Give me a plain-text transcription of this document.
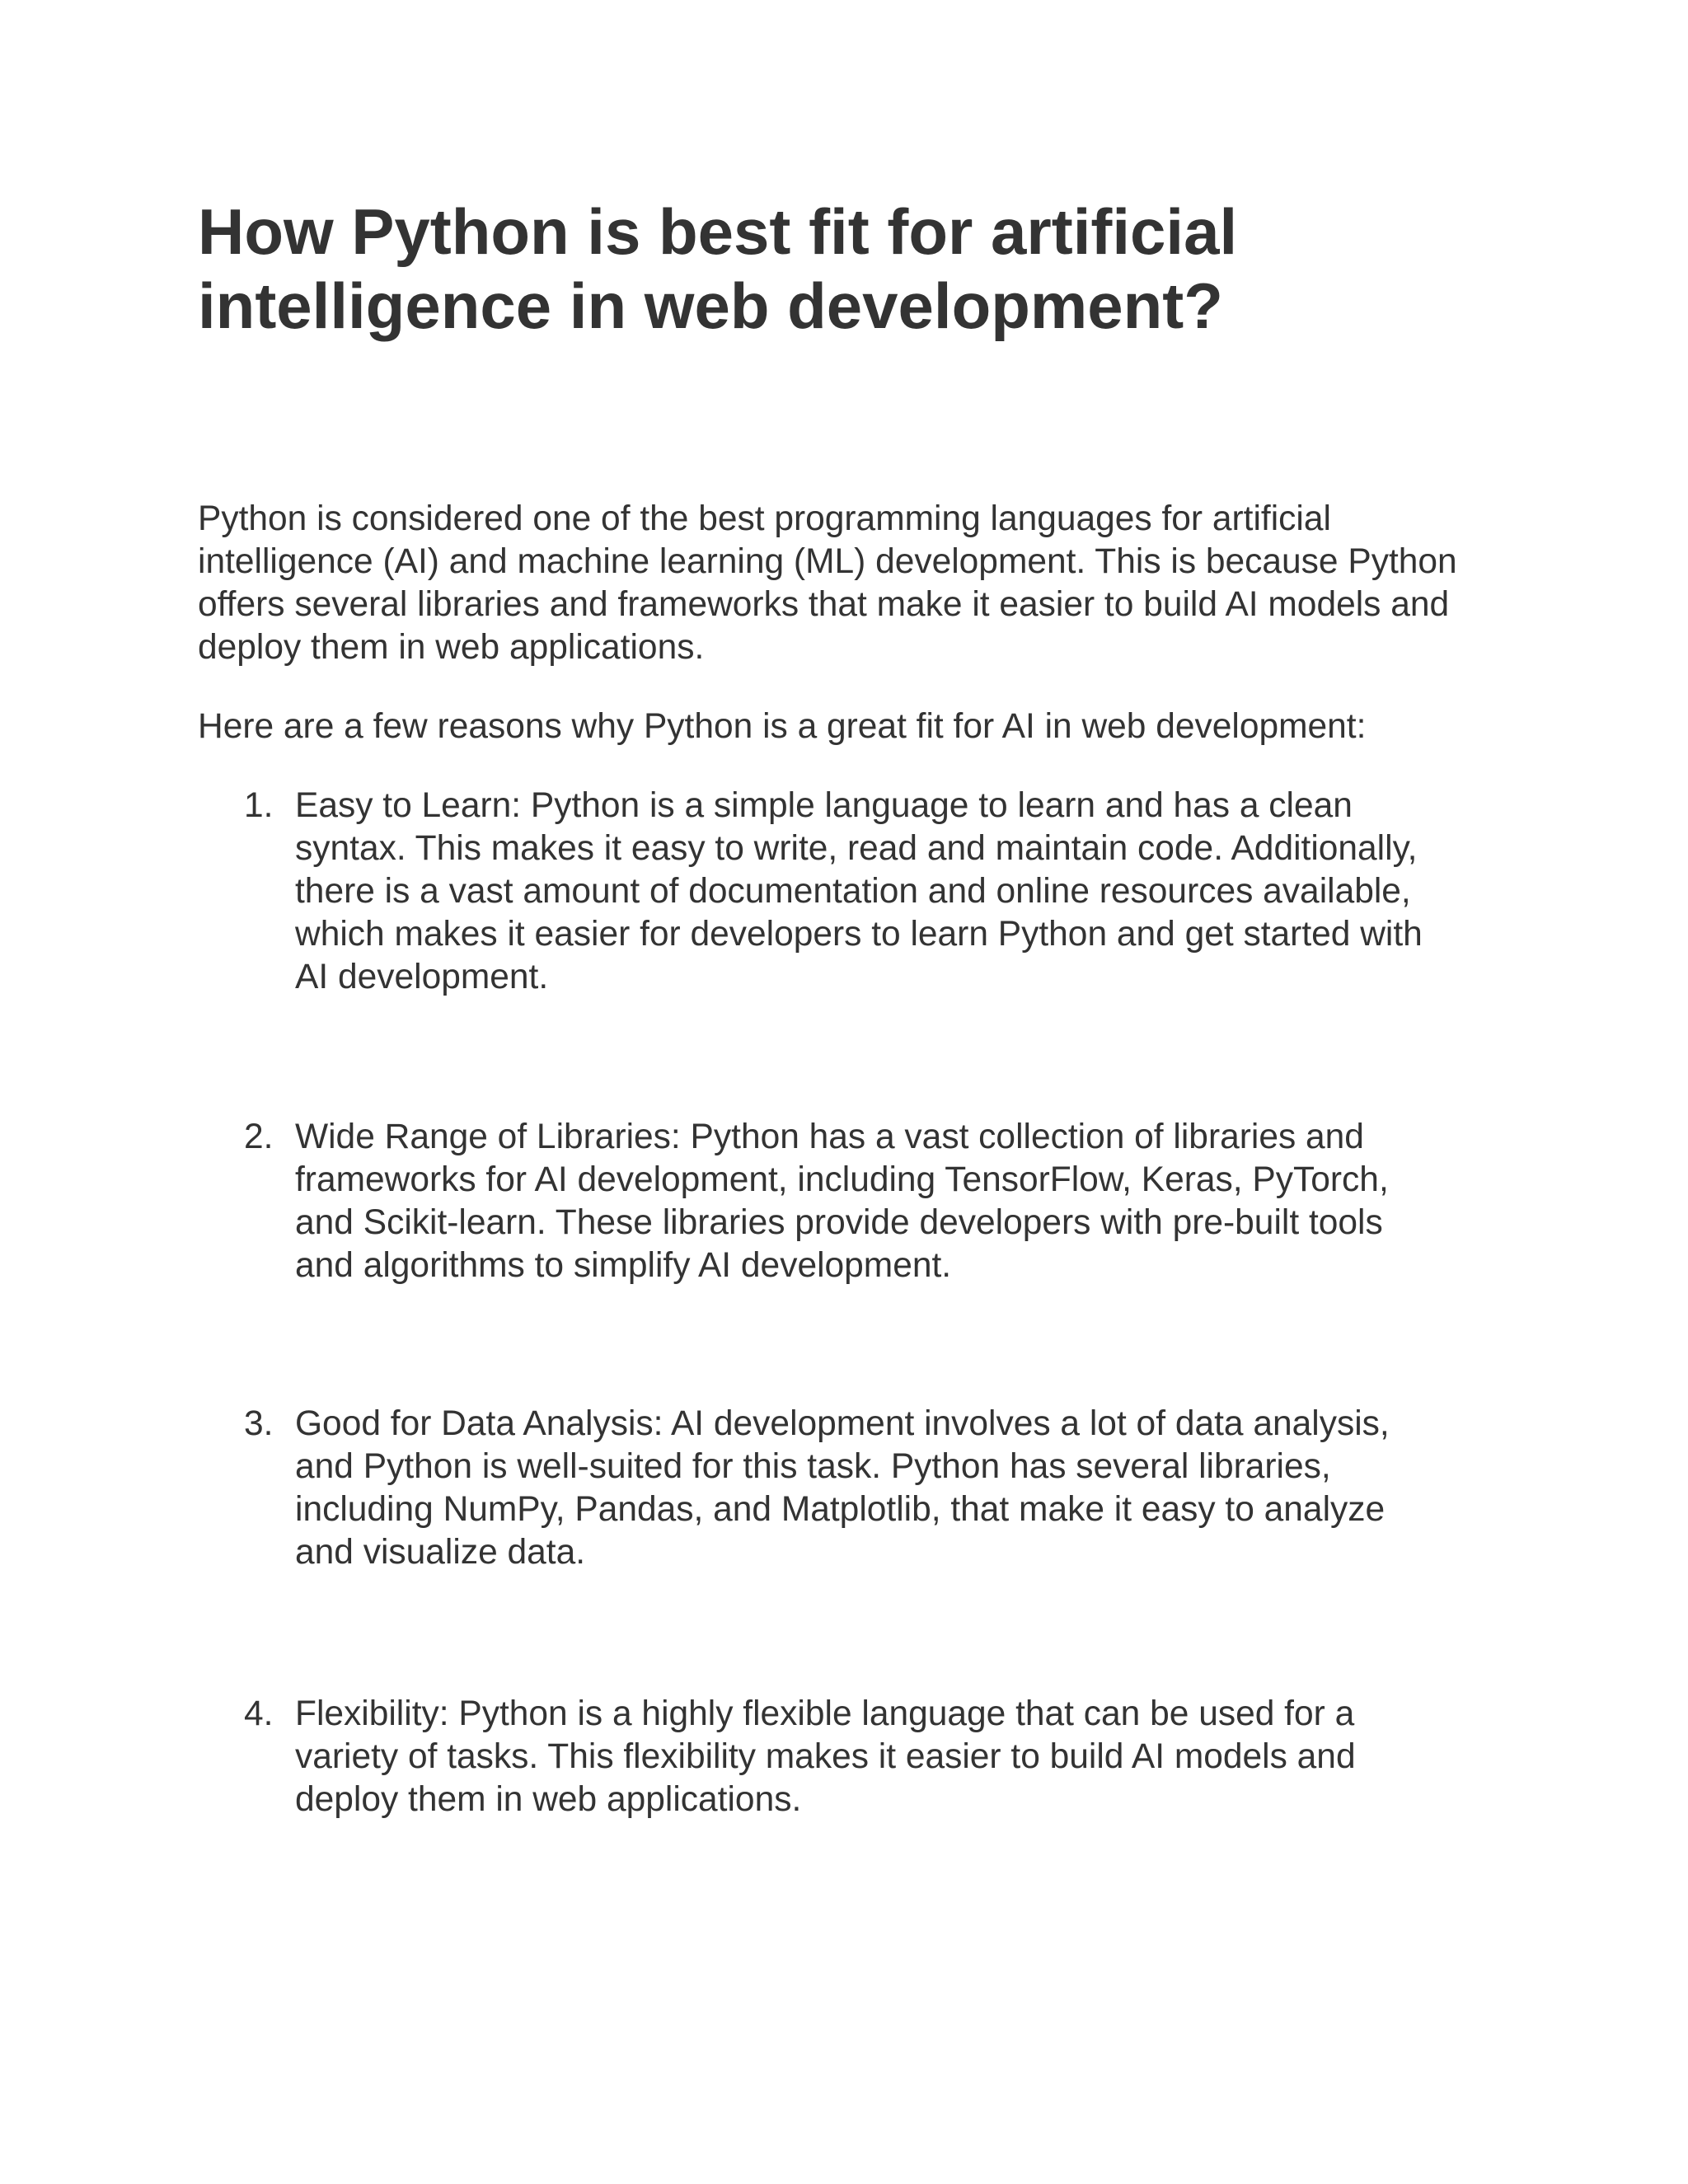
How Python is best fit for artificial intelligence in web development?

Python is considered one of the best programming languages for artificial intelligence (AI) and machine learning (ML) development. This is because Python offers several libraries and frameworks that make it easier to build AI models and deploy them in web applications.

Here are a few reasons why Python is a great fit for AI in web development:

1. Easy to Learn: Python is a simple language to learn and has a clean syntax. This makes it easy to write, read and maintain code. Additionally, there is a vast amount of documentation and online resources available, which makes it easier for developers to learn Python and get started with AI development.
2. Wide Range of Libraries: Python has a vast collection of libraries and frameworks for AI development, including TensorFlow, Keras, PyTorch, and Scikit-learn. These libraries provide developers with pre-built tools and algorithms to simplify AI development.
3. Good for Data Analysis: AI development involves a lot of data analysis, and Python is well-suited for this task. Python has several libraries, including NumPy, Pandas, and Matplotlib, that make it easy to analyze and visualize data.
4. Flexibility: Python is a highly flexible language that can be used for a variety of tasks. This flexibility makes it easier to build AI models and deploy them in web applications.
